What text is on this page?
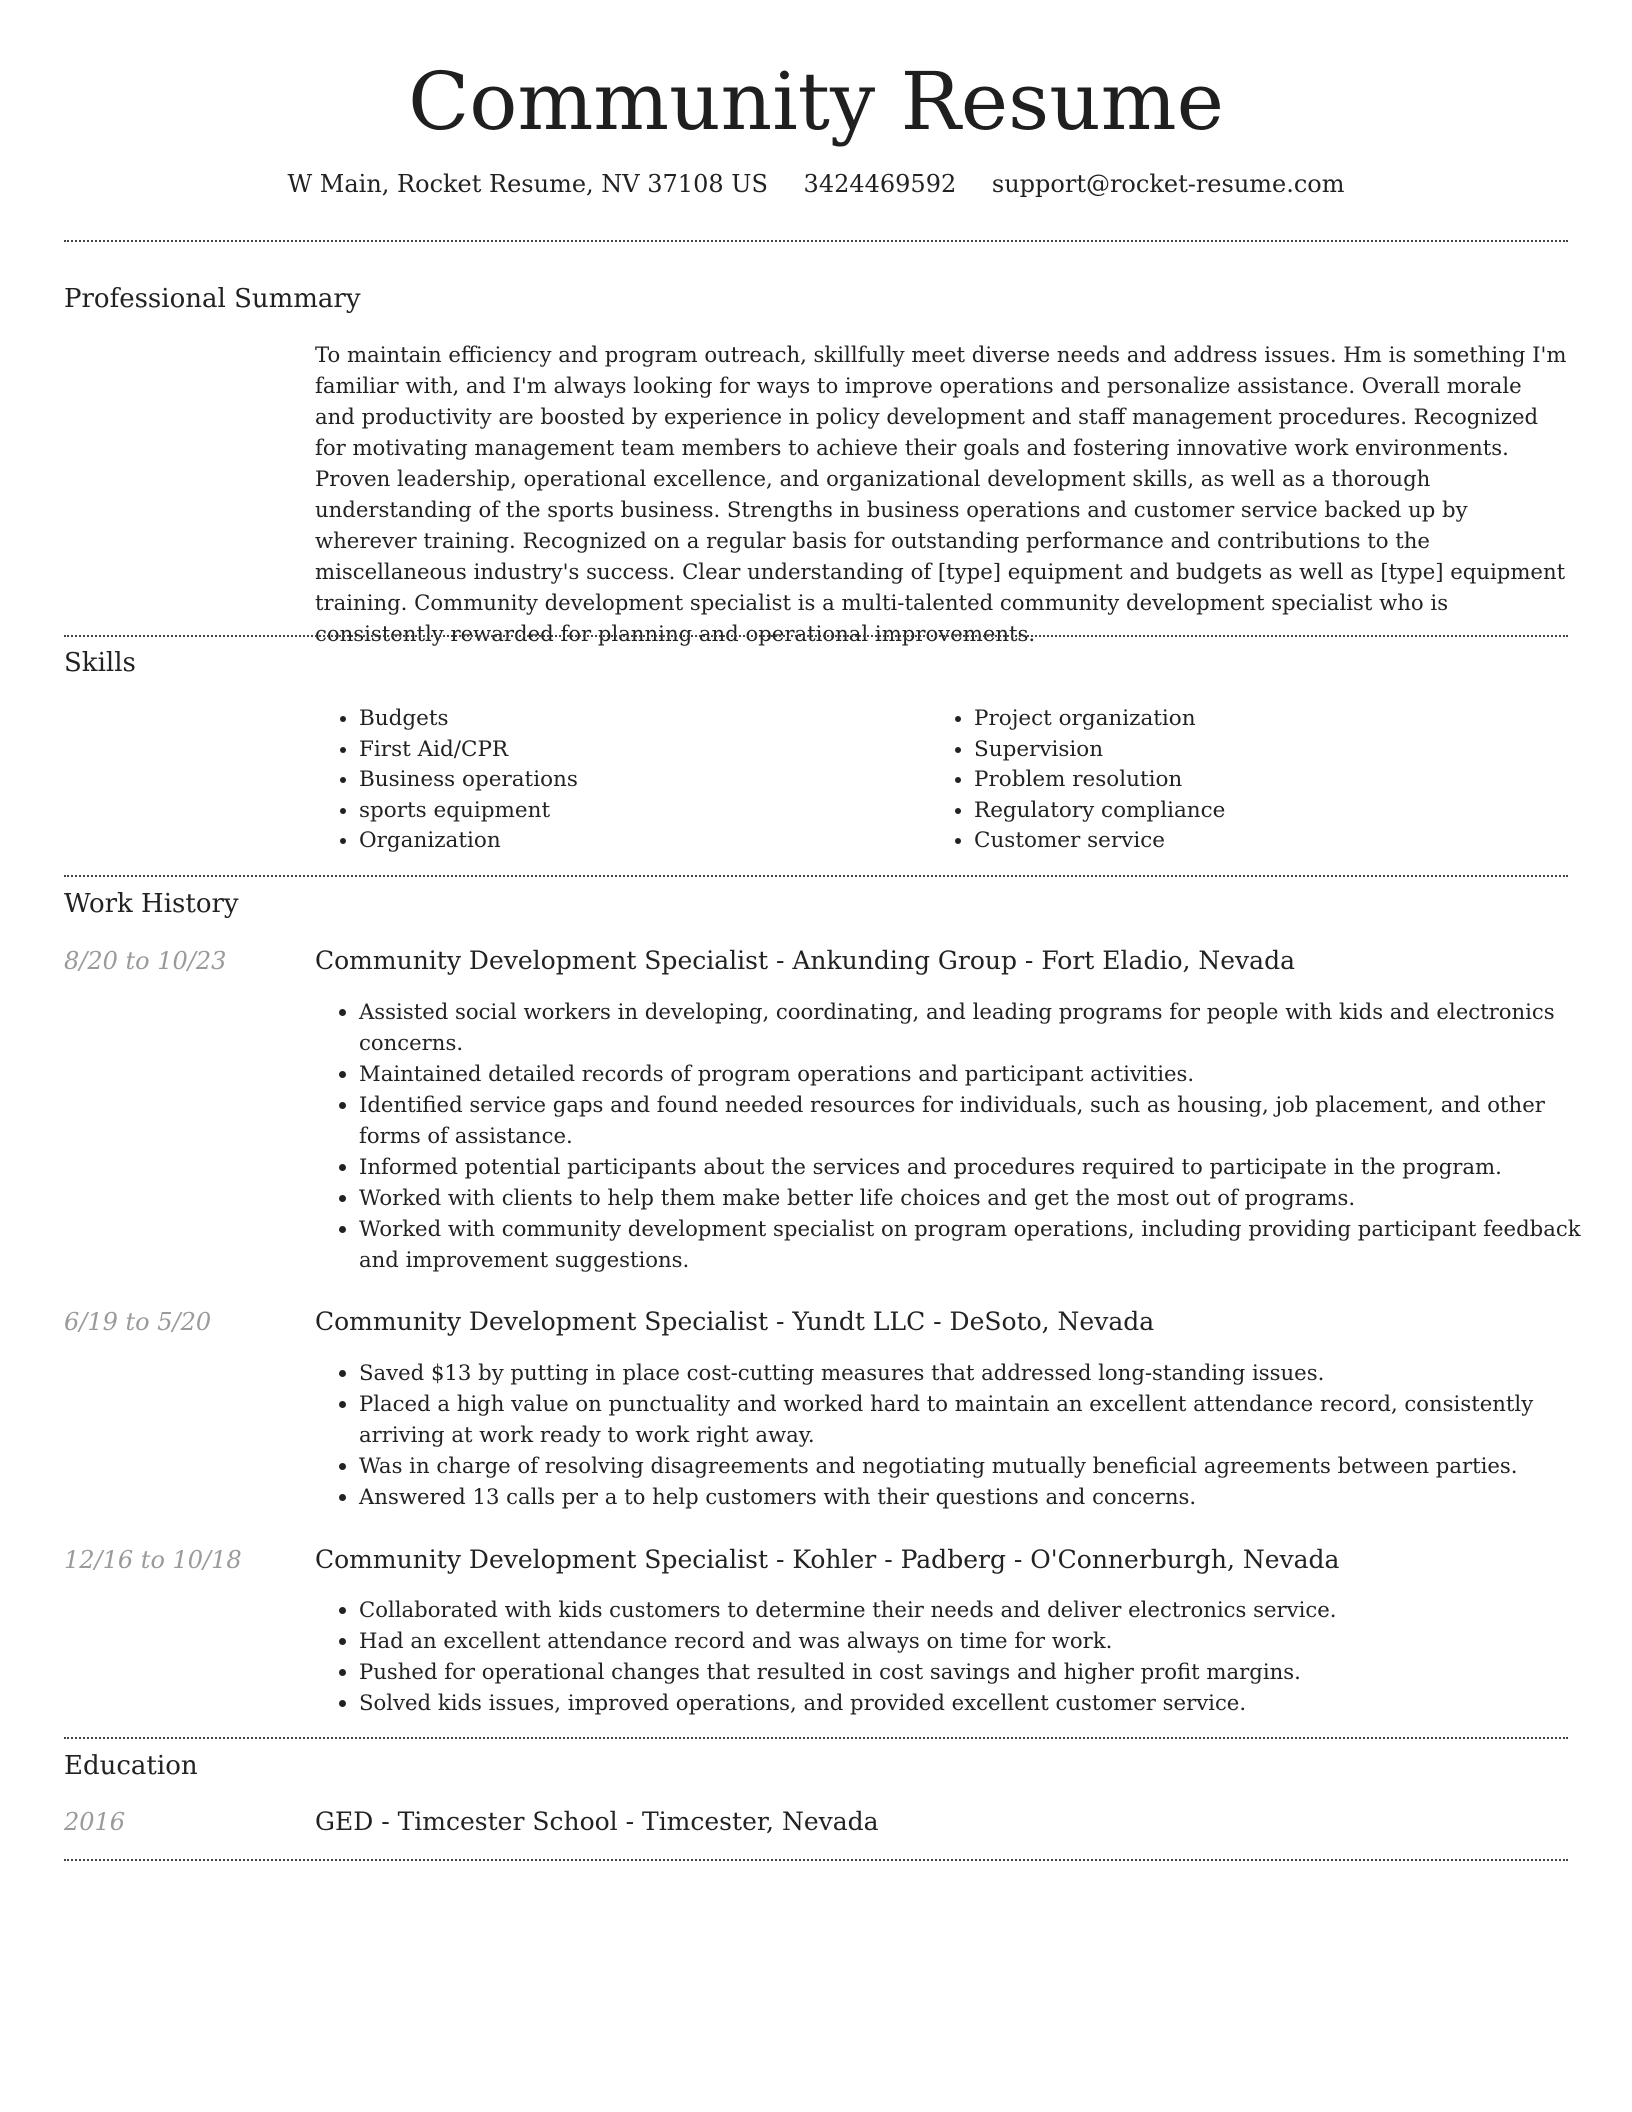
Community Resume
W Main, Rocket Resume, NV 37108 US 3424469592 support@rocket-resume.com
Professional Summary

To maintain efficiency and program outreach, skillfully meet diverse needs and address issues. Hm is something I'm familiar with, and I'm always looking for ways to improve operations and personalize assistance. Overall morale and productivity are boosted by experience in policy development and staff management procedures. Recognized for motivating management team members to achieve their goals and fostering innovative work environments. Proven leadership, operational excellence, and organizational development skills, as well as a thorough understanding of the sports business. Strengths in business operations and customer service backed up by wherever training. Recognized on a regular basis for outstanding performance and contributions to the miscellaneous industry's success. Clear understanding of [type] equipment and budgets as well as [type] equipment training. Community development specialist is a multi-talented community development specialist who is consistently rewarded for planning and operational improvements.

Skills
• Budgets
• First Aid/CPR
• Business operations
• sports equipment
• Organization
• Project organization
• Supervision
• Problem resolution
• Regulatory compliance
• Customer service
Work History
8/20 to 10/23	Community Development Specialist - Ankunding Group - Fort Eladio, Nevada
• Assisted social workers in developing, coordinating, and leading programs for people with kids and electronics concerns.
• Maintained detailed records of program operations and participant activities.
• Identified service gaps and found needed resources for individuals, such as housing, job placement, and other forms of assistance.
• Informed potential participants about the services and procedures required to participate in the program.
• Worked with clients to help them make better life choices and get the most out of programs.
• Worked with community development specialist on program operations, including providing participant feedback and improvement suggestions.
6/19 to 5/20	Community Development Specialist - Yundt LLC - DeSoto, Nevada
• Saved $13 by putting in place cost-cutting measures that addressed long-standing issues.
• Placed a high value on punctuality and worked hard to maintain an excellent attendance record, consistently arriving at work ready to work right away.
• Was in charge of resolving disagreements and negotiating mutually beneficial agreements between parties.
• Answered 13 calls per a to help customers with their questions and concerns.
12/16 to 10/18	Community Development Specialist - Kohler - Padberg - O'Connerburgh, Nevada
• Collaborated with kids customers to determine their needs and deliver electronics service.
• Had an excellent attendance record and was always on time for work.
• Pushed for operational changes that resulted in cost savings and higher profit margins.
• Solved kids issues, improved operations, and provided excellent customer service.
Education
2016	GED - Timcester School - Timcester, Nevada
